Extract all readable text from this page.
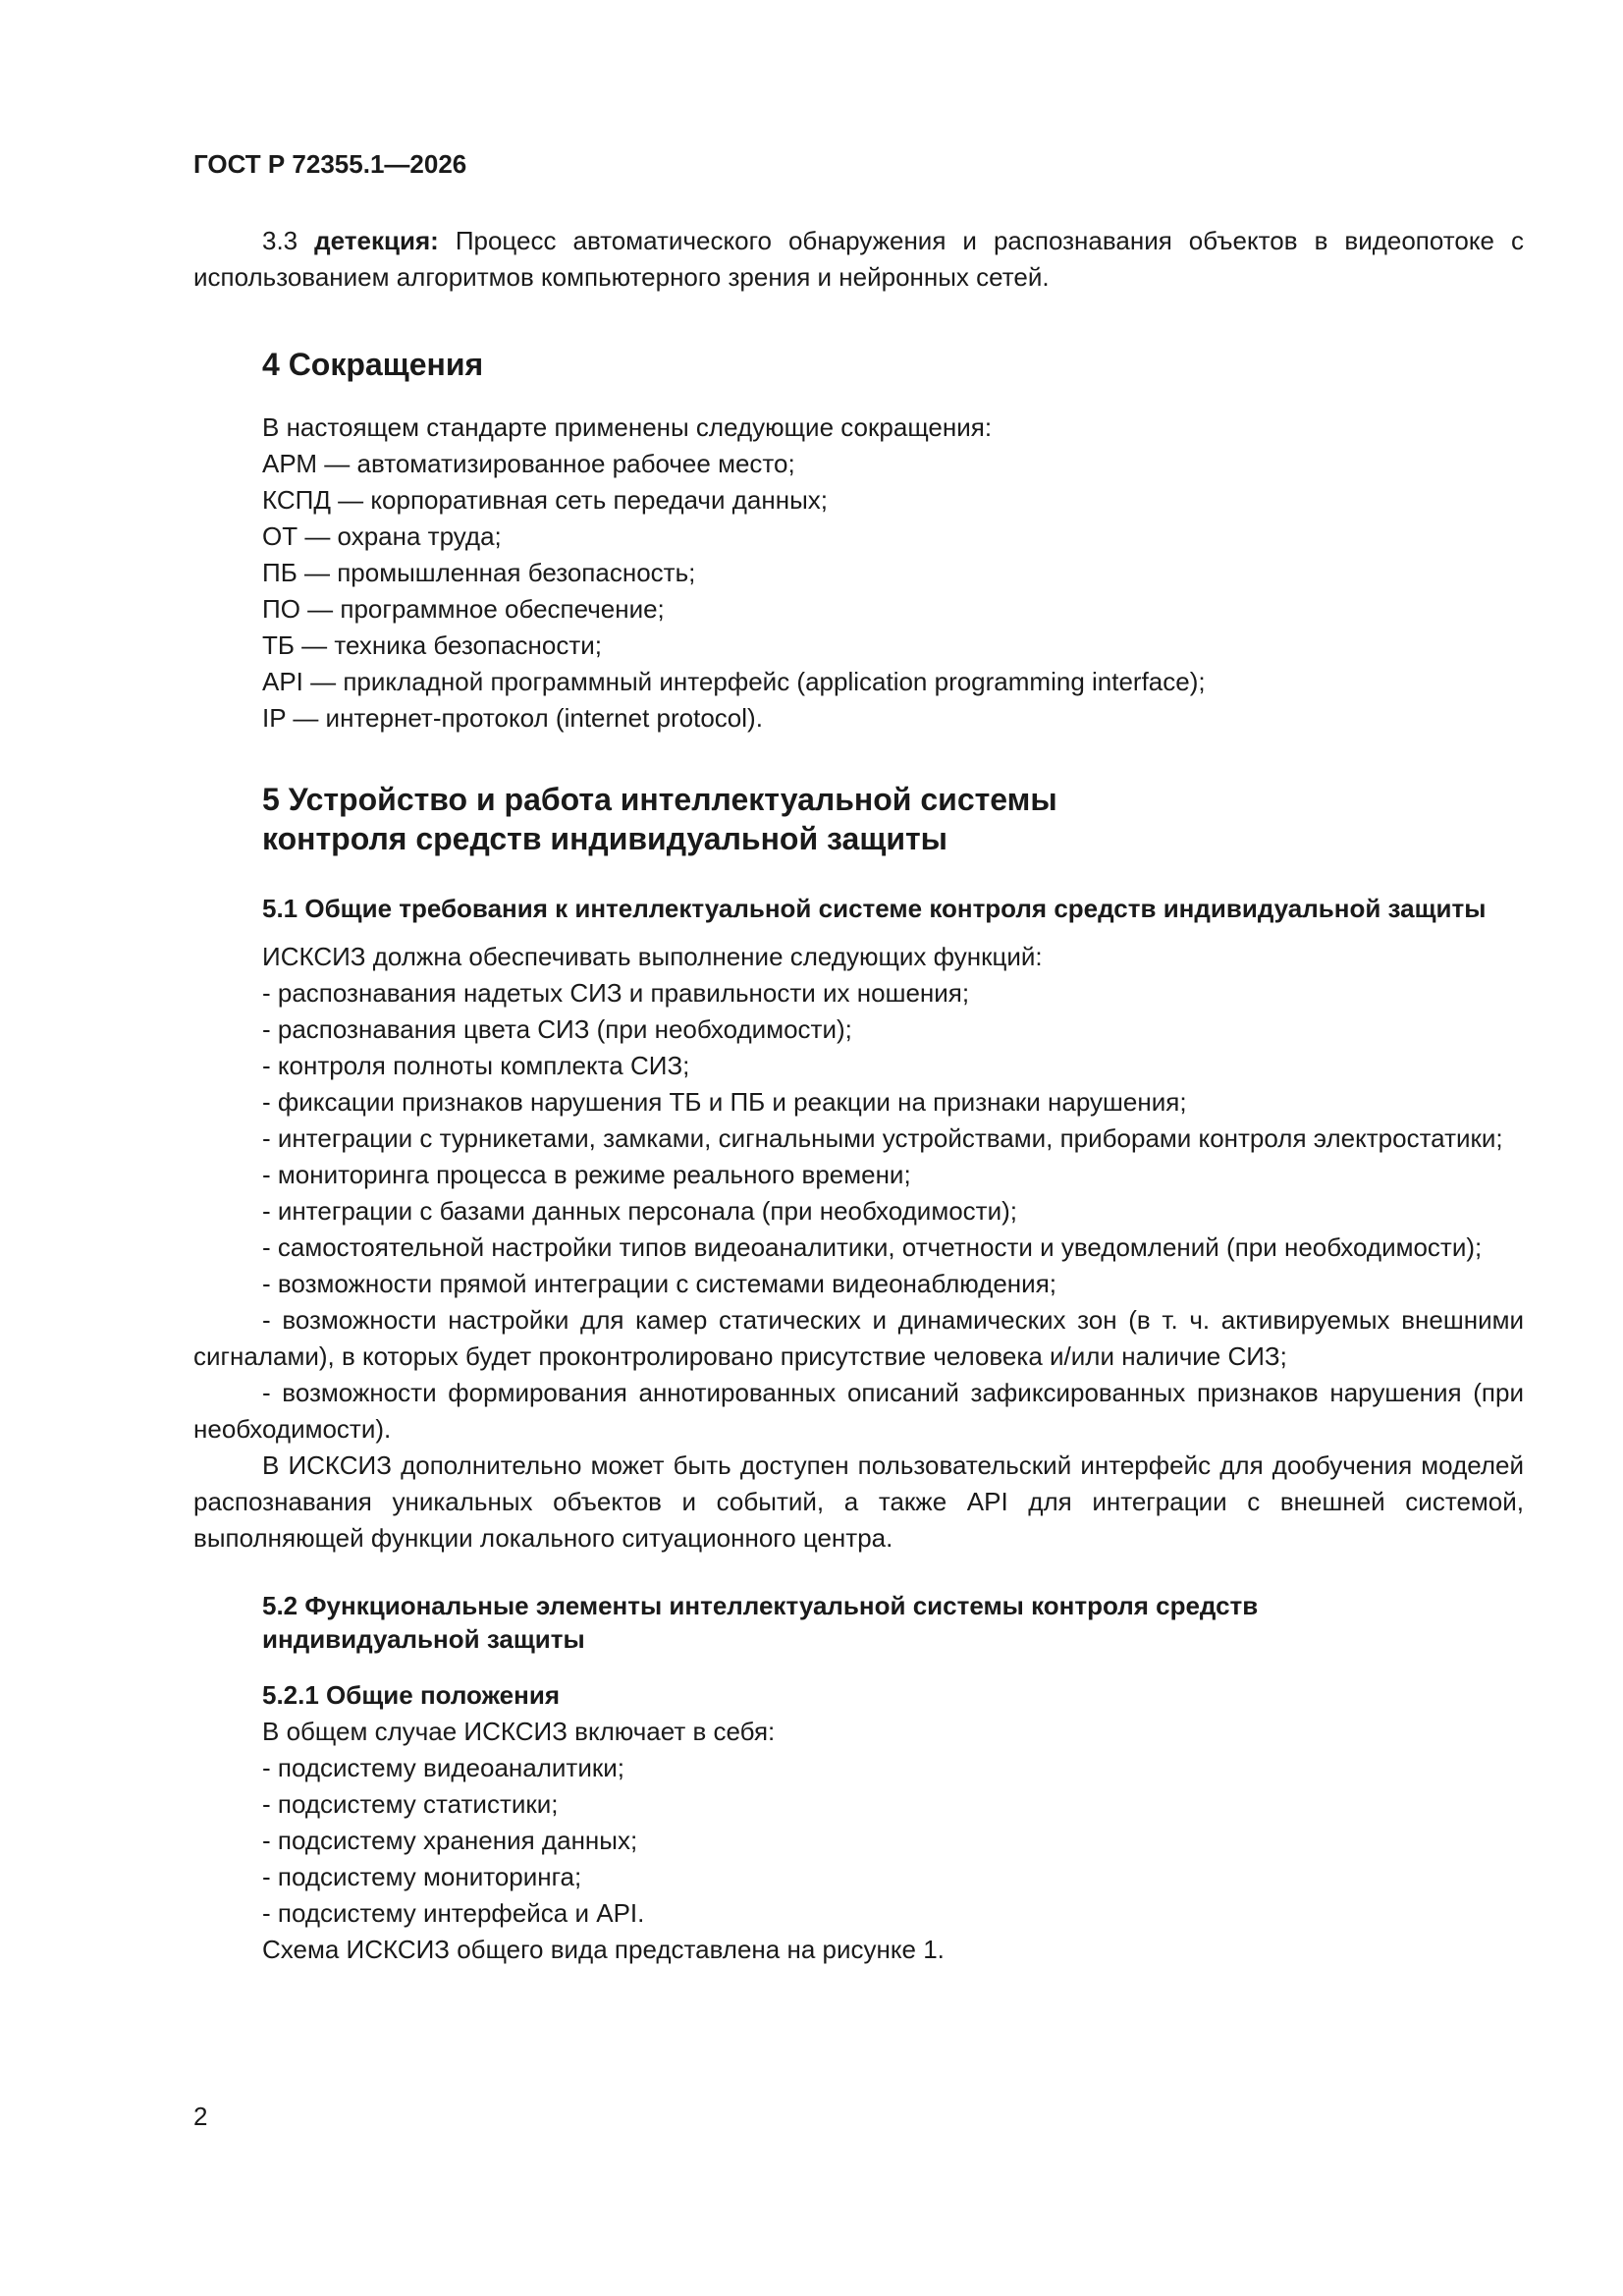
ГОСТ Р 72355.1—2026

3.3 детекция: Процесс автоматического обнаружения и распознавания объектов в видеопотоке с использованием алгоритмов компьютерного зрения и нейронных сетей.

4 Сокращения

В настоящем стандарте применены следующие сокращения:

АРМ — автоматизированное рабочее место;

КСПД — корпоративная сеть передачи данных;

ОТ — охрана труда;

ПБ — промышленная безопасность;

ПО — программное обеспечение;

ТБ — техника безопасности;

API — прикладной программный интерфейс (application programming interface);

IP — интернет-протокол (internet protocol).

5 Устройство и работа интеллектуальной системы
контроля средств индивидуальной защиты
5.1 Общие требования к интеллектуальной системе контроля средств индивидуальной защиты

ИСКСИЗ должна обеспечивать выполнение следующих функций:

- распознавания надетых СИЗ и правильности их ношения;

- распознавания цвета СИЗ (при необходимости);

- контроля полноты комплекта СИЗ;

- фиксации признаков нарушения ТБ и ПБ и реакции на признаки нарушения;

- интеграции с турникетами, замками, сигнальными устройствами, приборами контроля электростатики;

- мониторинга процесса в режиме реального времени;

- интеграции с базами данных персонала (при необходимости);

- самостоятельной настройки типов видеоаналитики, отчетности и уведомлений (при необходимости);

- возможности прямой интеграции с системами видеонаблюдения;

- возможности настройки для камер статических и динамических зон (в т. ч. активируемых внешними сигналами), в которых будет проконтролировано присутствие человека и/или наличие СИЗ;

- возможности формирования аннотированных описаний зафиксированных признаков нарушения (при необходимости).

В ИСКСИЗ дополнительно может быть доступен пользовательский интерфейс для дообучения моделей распознавания уникальных объектов и событий, а также API для интеграции с внешней системой, выполняющей функции локального ситуационного центра.

5.2 Функциональные элементы интеллектуальной системы контроля средств
индивидуальной защиты
5.2.1 Общие положения

В общем случае ИСКСИЗ включает в себя:

- подсистему видеоаналитики;

- подсистему статистики;

- подсистему хранения данных;

- подсистему мониторинга;

- подсистему интерфейса и API.

Схема ИСКСИЗ общего вида представлена на рисунке 1.

2
